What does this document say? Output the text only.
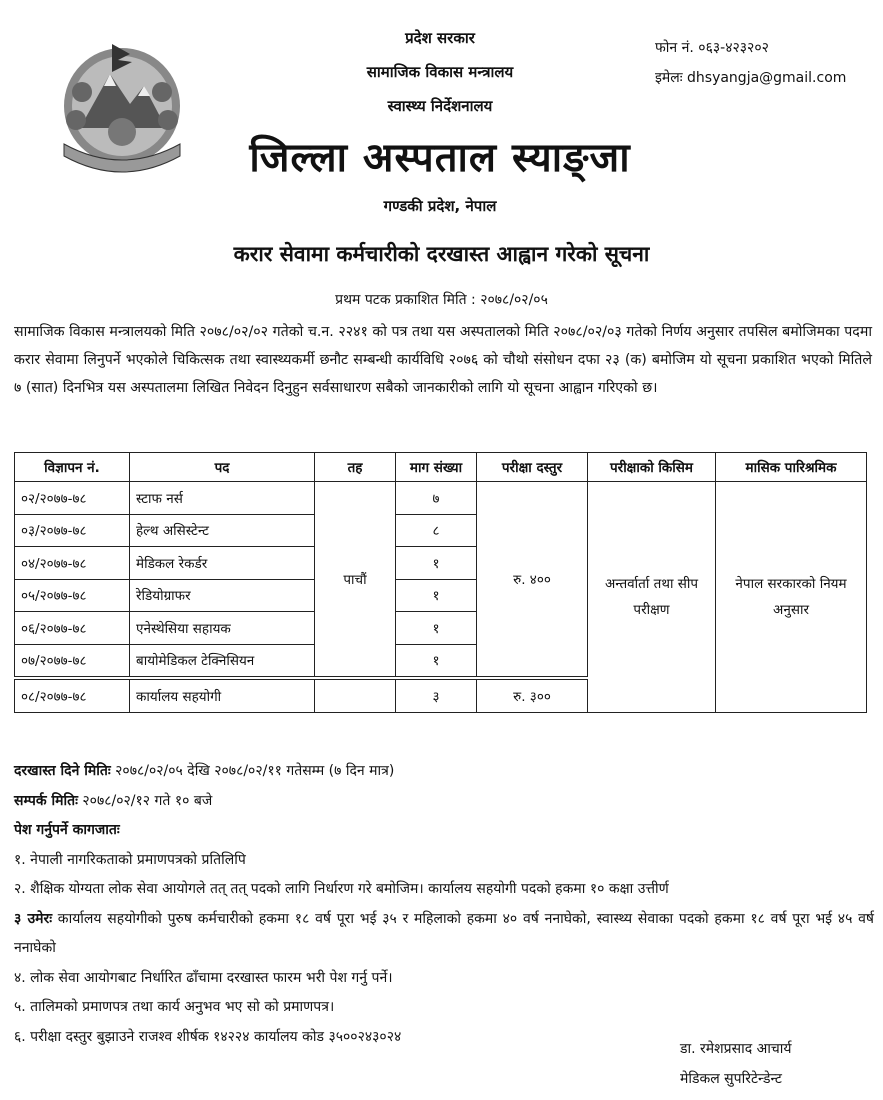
प्रदेश सरकार
सामाजिक विकास मन्त्रालय
स्वास्थ्य निर्देशनालय
जिल्ला अस्पताल स्याङ्जा
गण्डकी प्रदेश, नेपाल
फोन नं. ०६३-४२३२०२
इमेलः dhsyangja@gmail.com
करार सेवामा कर्मचारीको दरखास्त आह्वान गरेको सूचना
प्रथम पटक प्रकाशित मिति : २०७८/०२/०५
सामाजिक विकास मन्त्रालयको मिति २०७८/०२/०२ गतेको च.न. २२४१ को पत्र तथा यस अस्पतालको मिति २०७८/०२/०३ गतेको निर्णय अनुसार तपसिल बमोजिमका पदमा करार सेवामा लिनुपर्ने भएकोले चिकित्सक तथा स्वास्थ्यकर्मी छनौट सम्बन्धी कार्यविधि २०७६ को चौथो संसोधन दफा २३ (क) बमोजिम यो सूचना प्रकाशित भएको मितिले ७ (सात) दिनभित्र यस अस्पतालमा लिखित निवेदन दिनुहुन सर्वसाधारण सबैको जानकारीको लागि यो सूचना आह्वान गरिएको छ।
विज्ञापन नं.	पद	तह	माग संख्या	परीक्षा दस्तुर	परीक्षाको किसिम	मासिक पारिश्रमिक
०२/२०७७-७८	स्टाफ नर्स	पाचौं	७	रु. ४००	अन्तर्वार्ता तथा सीप परीक्षण	नेपाल सरकारको नियम अनुसार
०३/२०७७-७८	हेल्थ असिस्टेन्ट		८			
०४/२०७७-७८	मेडिकल रेकर्डर		१			
०५/२०७७-७८	रेडियोग्राफर		१			
०६/२०७७-७८	एनेस्थेसिया सहायक		१			
०७/२०७७-७८	बायोमेडिकल टेक्निसियन		१			
०८/२०७७-७८	कार्यालय सहयोगी		३	रु. ३००		
दरखास्त दिने मितिः २०७८/०२/०५ देखि २०७८/०२/११ गतेसम्म (७ दिन मात्र)
सम्पर्क मितिः २०७८/०२/१२ गते १० बजे
पेश गर्नुपर्ने कागजातः
१. नेपाली नागरिकताको प्रमाणपत्रको प्रतिलिपि
२. शैक्षिक योग्यता लोक सेवा आयोगले तत् तत् पदको लागि निर्धारण गरे बमोजिम। कार्यालय सहयोगी पदको हकमा १० कक्षा उत्तीर्ण
३ उमेरः कार्यालय सहयोगीको पुरुष कर्मचारीको हकमा १८ वर्ष पूरा भई ३५ र महिलाको हकमा ४० वर्ष ननाघेको, स्वास्थ्य सेवाका पदको हकमा १८ वर्ष पूरा भई ४५ वर्ष ननाघेको
४. लोक सेवा आयोगबाट निर्धारित ढाँचामा दरखास्त फारम भरी पेश गर्नु पर्ने।
५. तालिमको प्रमाणपत्र तथा कार्य अनुभव भए सो को प्रमाणपत्र।
६. परीक्षा दस्तुर बुझाउने राजश्व शीर्षक १४२२४ कार्यालय कोड ३५००२४३०२४
डा. रमेशप्रसाद आचार्य
मेडिकल सुपरिटेन्डेन्ट
